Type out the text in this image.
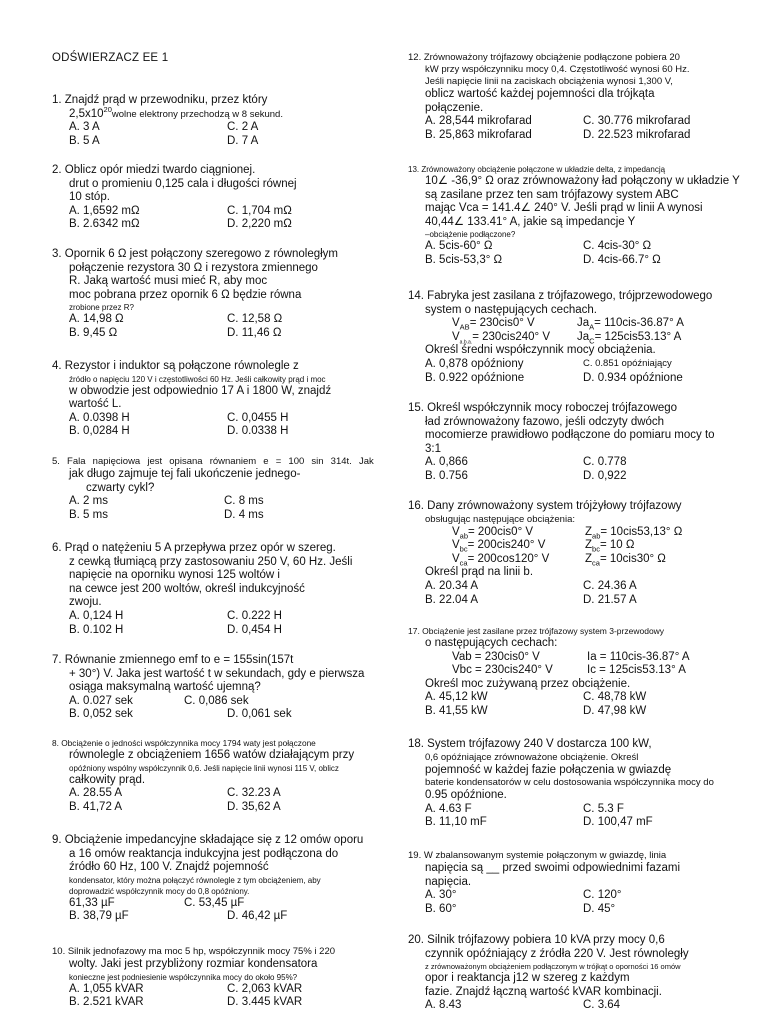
ODŚWIERZACZ EE 1
1. Znajdź prąd w przewodniku, przez który
$2,5x10^{20}wolne$ elektrony przechodzą w 8 sekund.
A. 3 A	C. 2 A
B. 5 A	D. 7 A
2. Oblicz opór miedzi twardo ciągnionej.
drut o promieniu 0,125 cala i długości równej
10 stóp.
A. 1,6592 mΩ	C. 1,704 mΩ
B. 2.6342 mΩ	D. 2,220 mΩ
3. Opornik 6 Ω jest połączony szeregowo z równoległym
połączenie rezystora 30 Ω i rezystora zmiennego
R. Jaką wartość musi mieć R, aby moc
moc pobrana przez opornik 6 Ω będzie równa
zrobione przez R?
A. 14,98 Ω	C. 12,58 Ω
B. 9,45 Ω	D. 11,46 Ω
4. Rezystor i induktor są połączone równolegle z
źródło o napięciu 120 V i częstotliwości 60 Hz. Jeśli całkowity prąd i moc
w obwodzie jest odpowiednio 17 A i 1800 W, znajdź
wartość L.
A. 0.0398 H	C. 0,0455 H
B. 0,0284 H	D. 0.0338 H
5. Fala napięciowa jest opisana równaniem e = 100 sin 314t. Jak
jak długo zajmuje tej fali ukończenie jednego-
czwarty cykl?
A. 2 ms	C. 8 ms
B. 5 ms	D. 4 ms
6. Prąd o natężeniu 5 A przepływa przez opór w szereg.
z cewką tłumiącą przy zastosowaniu 250 V, 60 Hz. Jeśli
napięcie na oporniku wynosi 125 woltów i
na cewce jest 200 woltów, określ indukcyjność
zwoju.
A. 0,124 H	C. 0.222 H
B. 0.102 H	D. 0,454 H
7. Równanie zmiennego emf to e = 155sin(157t
+ 30°) V. Jaka jest wartość t w sekundach, gdy e pierwsza
osiąga maksymalną wartość ujemną?
A. 0.027 sek	C. 0,086 sek
B. 0,052 sek	D. 0,061 sek
8. Obciążenie o jedności współczynnika mocy 1794 waty jest połączone
równolegle z obciążeniem 1656 watów działającym przy
opóźniony wspólny współczynnik 0,6. Jeśli napięcie linii wynosi 115 V, oblicz
całkowity prąd.
A. 28.55 A	C. 32.23 A
B. 41,72 A	D. 35,62 A
9. Obciążenie impedancyjne składające się z 12 omów oporu
a 16 omów reaktancja indukcyjna jest podłączona do
źródło 60 Hz, 100 V. Znajdź pojemność
kondensator, który można połączyć równolegle z tym obciążeniem, aby
doprowadzić współczynnik mocy do 0,8 opóźniony.
61,33 µF	C. 53,45 µF
B. 38,79 µF	D. 46,42 µF
10. Silnik jednofazowy ma moc 5 hp, współczynnik mocy 75% i 220
wolty. Jaki jest przybliżony rozmiar kondensatora
konieczne jest podniesienie współczynnika mocy do około 95%?
A. 1,055 kVAR	C. 2,063 kVAR
B. 2.521 kVAR	D. 3.445 kVAR
12. Zrównoważony trójfazowy obciążenie podłączone pobiera 20
kW przy współczynniku mocy 0,4. Częstotliwość wynosi 60 Hz.
Jeśli napięcie linii na zaciskach obciążenia wynosi 1,300 V,
oblicz wartość każdej pojemności dla trójkąta
połączenie.
A. 28,544 mikrofarad	C. 30.776 mikrofarad
B. 25,863 mikrofarad	D. 22.523 mikrofarad
13. Zrównoważony obciążenie połączone w układzie delta, z impedancją
10∠ -36,9° Ω oraz zrównoważony ład połączony w układzie Y
są zasilane przez ten sam trójfazowy system ABC
mając Vca = 141.4∠ 240° V. Jeśli prąd w linii A wynosi
40,44∠ 133.41° A, jakie są impedancje Y
–obciążenie podłączone?
A. 5cis-60° Ω	C. 4cis-30° Ω
B. 5cis-53,3° Ω	D. 4cis-66.7° Ω
14. Fabryka jest zasilana z trójfazowego, trójprzewodowego
system o następujących cechach.
$V_{AB}= 230cis0^\circ$ V	$Ja_A= 110cis-36.87^\circ$ A
$V_{a.b.a.}= 230cis240^\circ$ V	$Ja_C= 125cis53.13^\circ$ A
Określ średni współczynnik mocy obciążenia.
A. 0,878 opóźniony	C. 0.851 opóźniający
B. 0.922 opóźnione	D. 0.934 opóźnione
15. Określ współczynnik mocy roboczej trójfazowego
ład zrównoważony fazowo, jeśli odczyty dwóch
mocomierze prawidłowo podłączone do pomiaru mocy to
3:1
A. 0,866	C. 0.778
B. 0.756	D. 0,922
16. Dany zrównoważony system trójżyłowy trójfazowy
obsługując następujące obciążenia:
$V_{ab}= 200cis0^\circ$ V	$Z_{ab}= 10cis53,13^\circ$ Ω
$V_{bc}= 200cis240^\circ$ V	$Z_{bc}= 10$ Ω
$V_{ca}= 200\cos 120^\circ$ V	$Z_{ca}= 10cis30^\circ$ Ω
Określ prąd na linii b.
A. 20.34 A	C. 24.36 A
B. 22.04 A	D. 21.57 A
17. Obciążenie jest zasilane przez trójfazowy system 3-przewodowy
o następujących cechach:
Vab = 230cis0° V	Ia = 110cis-36.87° A
Vbc = 230cis240° V	Ic = 125cis53.13° A
Określ moc zużywaną przez obciążenie.
A. 45,12 kW	C. 48,78 kW
B. 41,55 kW	D. 47,98 kW
18. System trójfazowy 240 V dostarcza 100 kW,
0,6 opóźniające zrównoważone obciążenie. Określ
pojemność w każdej fazie połączenia w gwiazdę
baterie kondensatorów w celu dostosowania współczynnika mocy do
0.95 opóźnione.
A. 4.63 F	C. 5.3 F
B. 11,10 mF	D. 100,47 mF
19. W zbalansowanym systemie połączonym w gwiazdę, linia
napięcia są __ przed swoimi odpowiednimi fazami
napięcia.
A. 30°	C. 120°
B. 60°	D. 45°
20. Silnik trójfazowy pobiera 10 kVA przy mocy 0,6
czynnik opóźniający z źródła 220 V. Jest równoległy
z zrównoważonym obciążeniem podłączonym w trójkąt o oporności 16 omów
opor i reaktancja j12 w szereg z każdym
fazie. Znajdź łączną wartość kVAR kombinacji.
A. 8.43	C. 3.64
